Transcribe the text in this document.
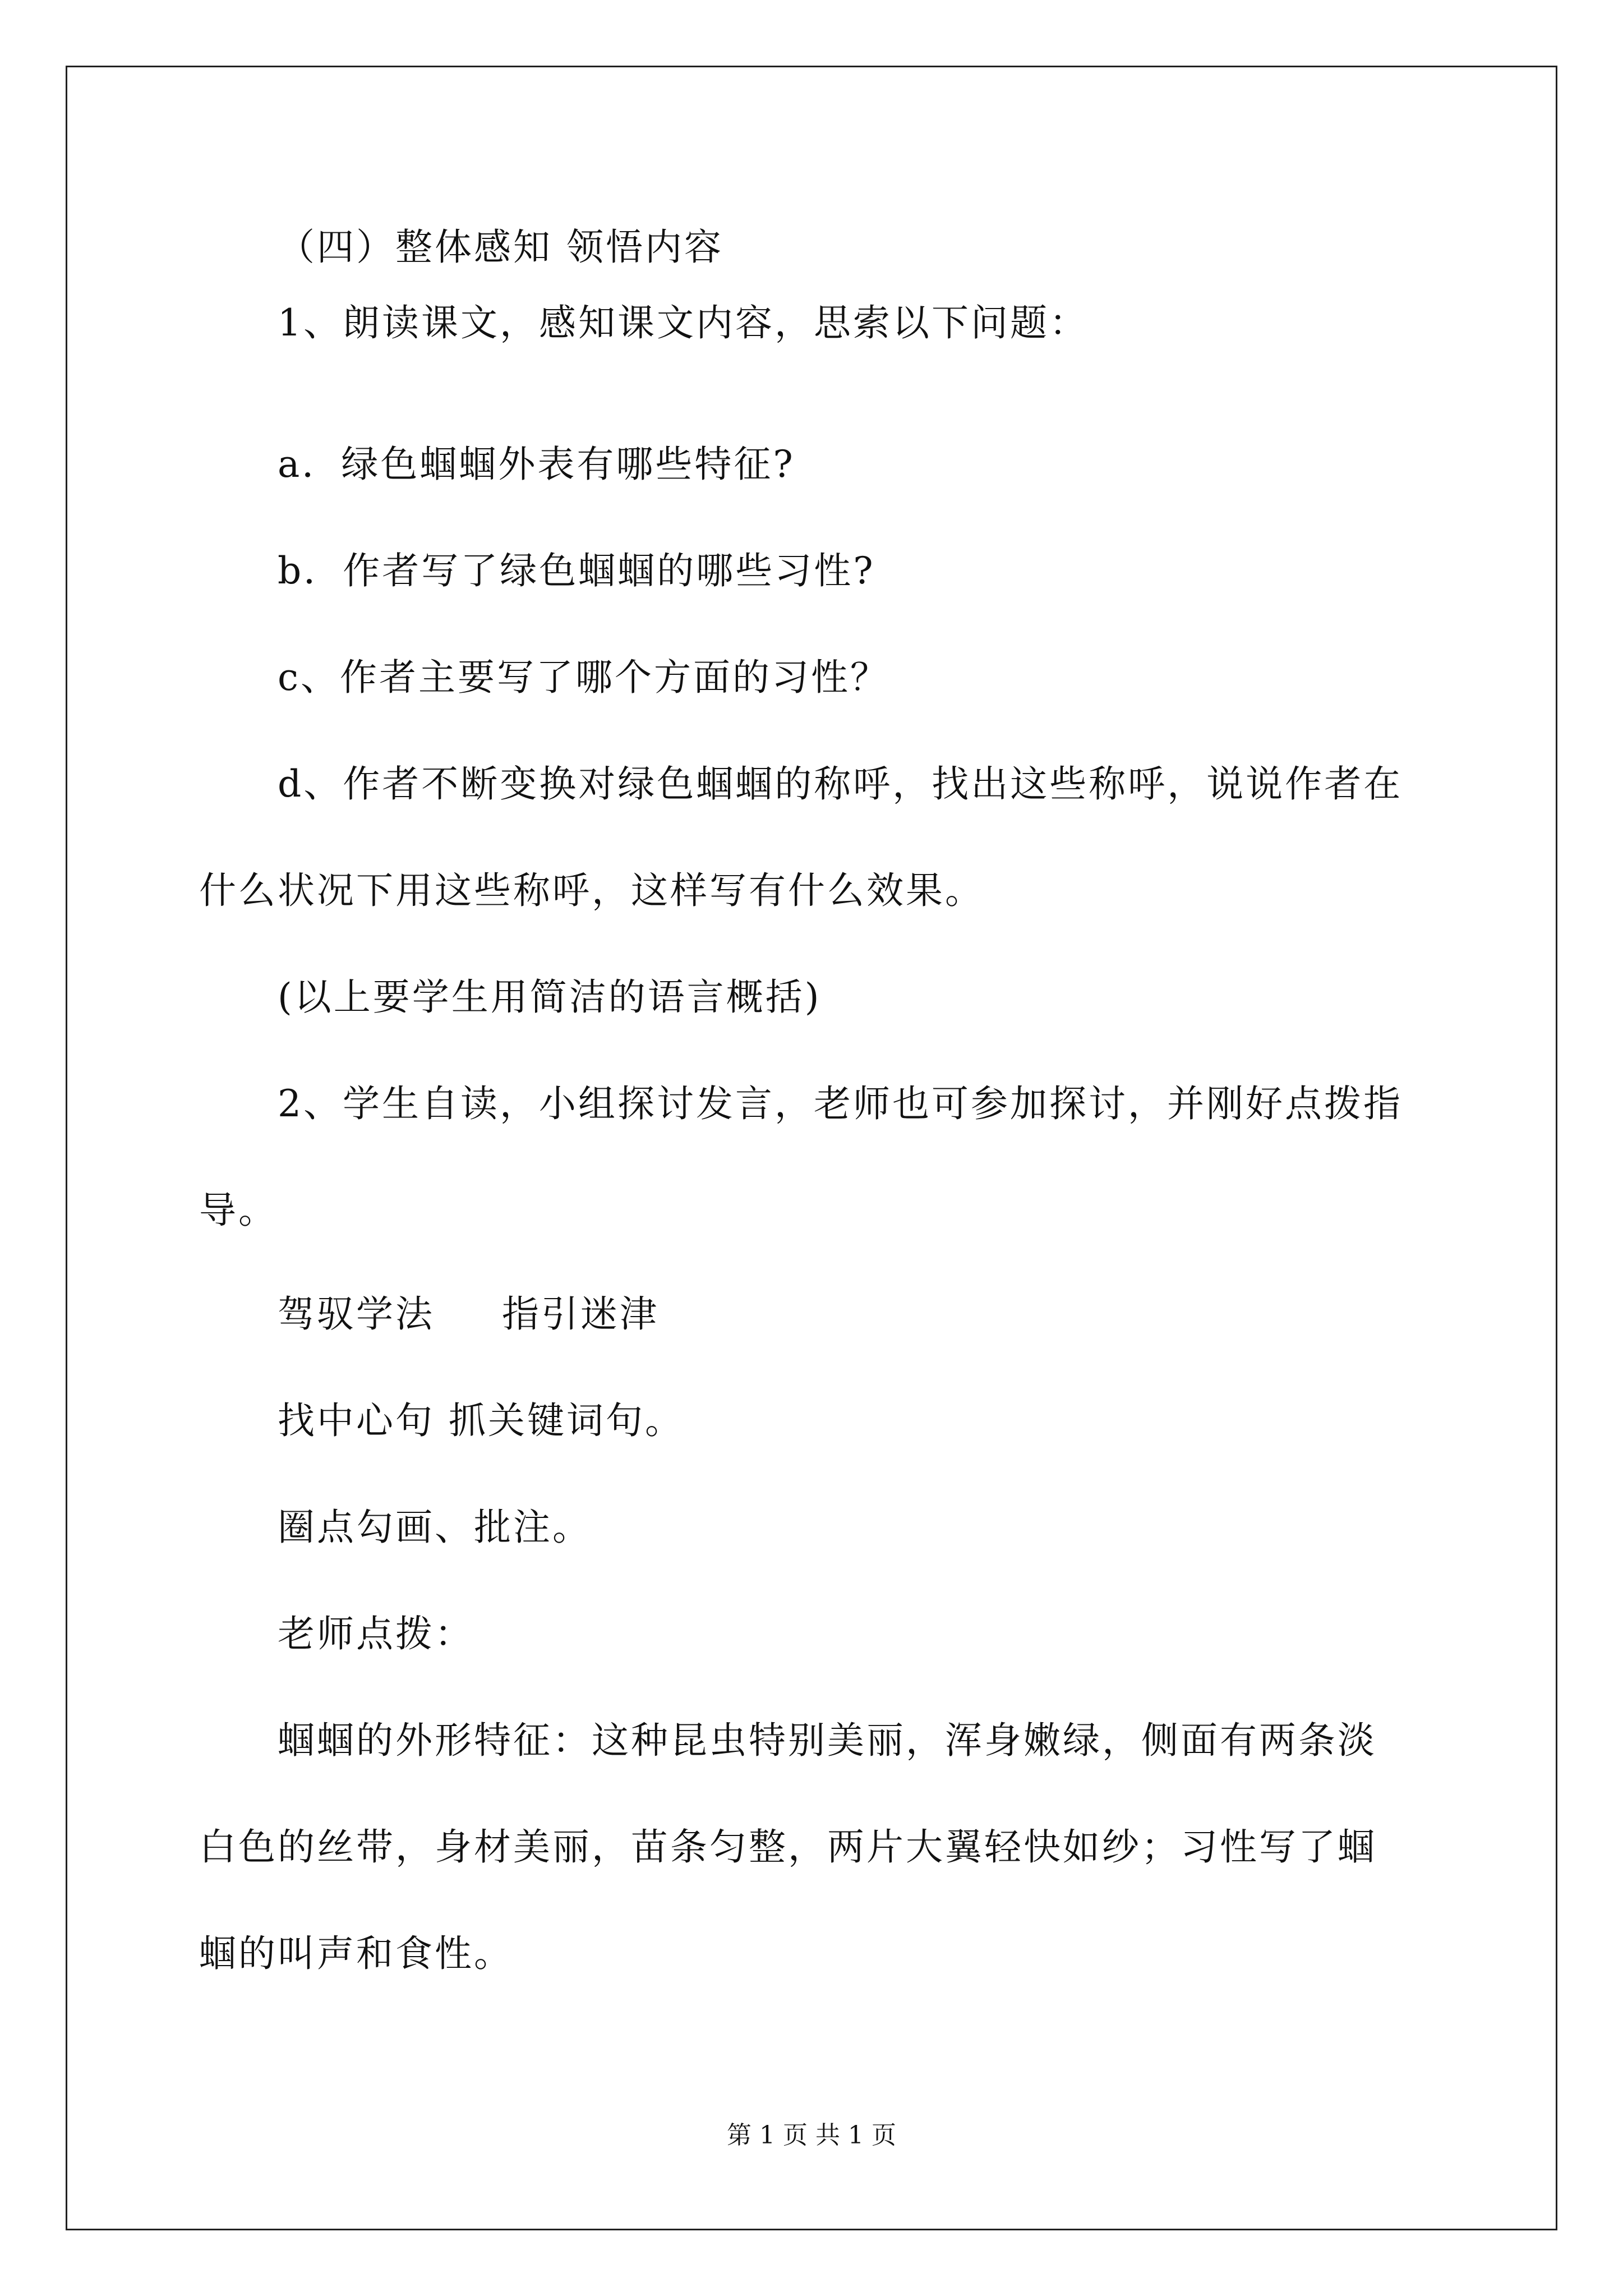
（四）整体感知 领悟内容
1、朗读课文，感知课文内容，思索以下问题：
a．绿色蝈蝈外表有哪些特征?
b．作者写了绿色蝈蝈的哪些习性?
c、作者主要写了哪个方面的习性？
d、作者不断变换对绿色蝈蝈的称呼，找出这些称呼，说说作者在
什么状况下用这些称呼，这样写有什么效果。
(以上要学生用简洁的语言概括)
2、学生自读，小组探讨发言，老师也可参加探讨，并刚好点拨指
导。
驾驭学法 指引迷津
找中心句 抓关键词句。
圈点勾画、批注。
老师点拨：
蝈蝈的外形特征：这种昆虫特别美丽，浑身嫩绿，侧面有两条淡
白色的丝带，身材美丽，苗条匀整，两片大翼轻快如纱；习性写了蝈
蝈的叫声和食性。
第 1 页 共 1 页
